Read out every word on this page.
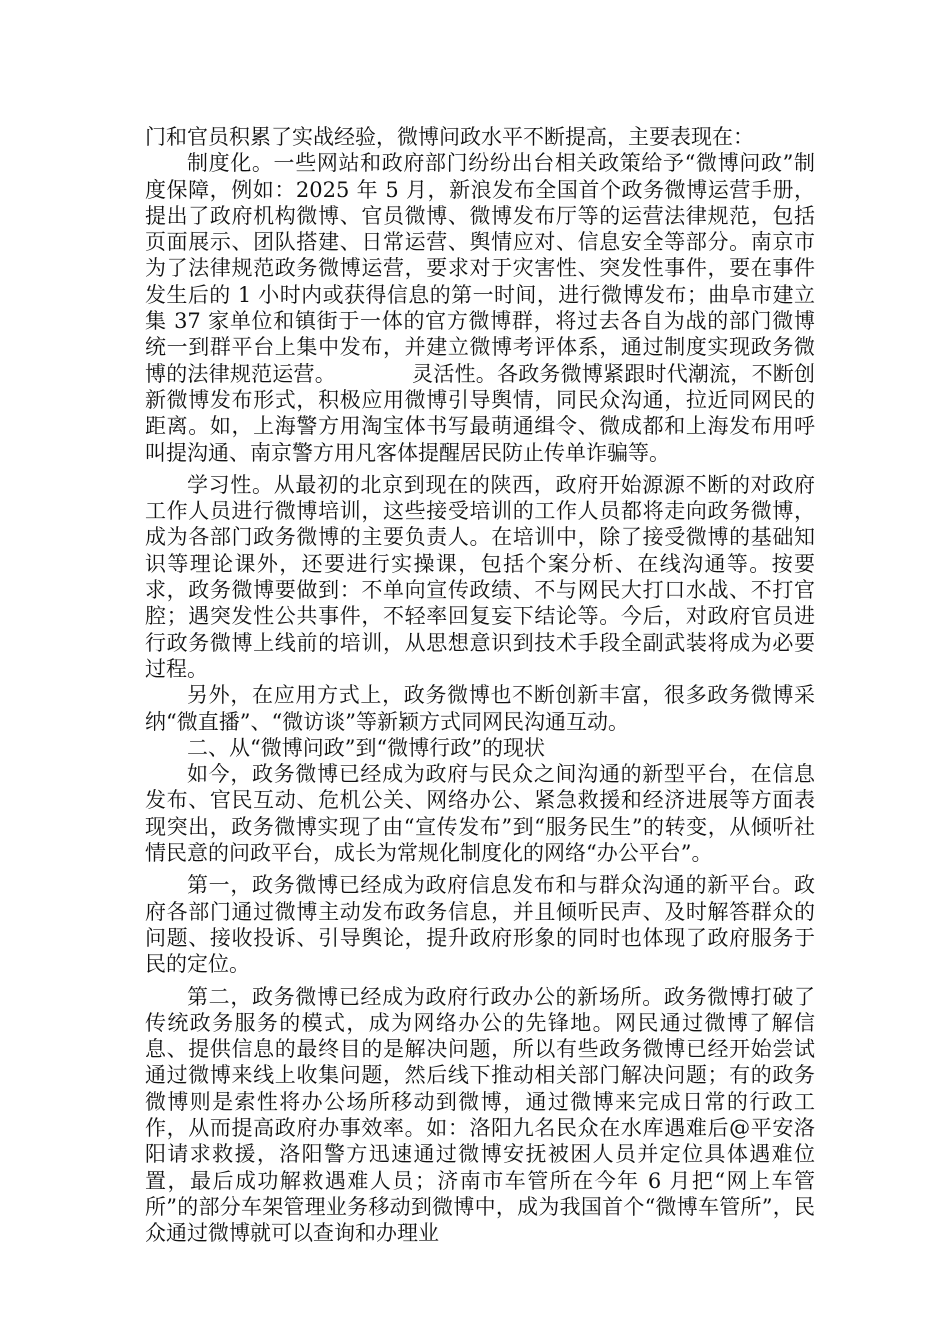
门和官员积累了实战经验，微博问政水平不断提高，主要表现在：

制度化。一些网站和政府部门纷纷出台相关政策给予“微博问政”制度保障，例如：2025 年 5 月，新浪发布全国首个政务微博运营手册，提出了政府机构微博、官员微博、微博发布厅等的运营法律规范，包括页面展示、团队搭建、日常运营、舆情应对、信息安全等部分。南京市为了法律规范政务微博运营，要求对于灾害性、突发性事件，要在事件发生后的 1 小时内或获得信息的第一时间，进行微博发布；曲阜市建立集 37 家单位和镇街于一体的官方微博群，将过去各自为战的部门微博统一到群平台上集中发布，并建立微博考评体系，通过制度实现政务微博的法律规范运营。	灵活性。各政务微博紧跟时代潮流，不断创新微博发布形式，积极应用微博引导舆情，同民众沟通，拉近同网民的距离。如，上海警方用淘宝体书写最萌通缉令、微成都和上海发布用呼叫提沟通、南京警方用凡客体提醒居民防止传单诈骗等。

学习性。从最初的北京到现在的陕西，政府开始源源不断的对政府工作人员进行微博培训，这些接受培训的工作人员都将走向政务微博，成为各部门政务微博的主要负责人。在培训中，除了接受微博的基础知识等理论课外，还要进行实操课，包括个案分析、在线沟通等。按要求，政务微博要做到：不单向宣传政绩、不与网民大打口水战、不打官腔；遇突发性公共事件，不轻率回复妄下结论等。今后，对政府官员进行政务微博上线前的培训，从思想意识到技术手段全副武装将成为必要过程。

另外，在应用方式上，政务微博也不断创新丰富，很多政务微博采纳“微直播”、“微访谈”等新颖方式同网民沟通互动。

二、从“微博问政”到“微博行政”的现状

如今，政务微博已经成为政府与民众之间沟通的新型平台，在信息发布、官民互动、危机公关、网络办公、紧急救援和经济进展等方面表现突出，政务微博实现了由“宣传发布”到“服务民生”的转变，从倾听社情民意的问政平台，成长为常规化制度化的网络“办公平台”。

第一，政务微博已经成为政府信息发布和与群众沟通的新平台。政府各部门通过微博主动发布政务信息，并且倾听民声、及时解答群众的问题、接收投诉、引导舆论，提升政府形象的同时也体现了政府服务于民的定位。

第二，政务微博已经成为政府行政办公的新场所。政务微博打破了传统政务服务的模式，成为网络办公的先锋地。网民通过微博了解信息、提供信息的最终目的是解决问题，所以有些政务微博已经开始尝试通过微博来线上收集问题，然后线下推动相关部门解决问题；有的政务微博则是索性将办公场所移动到微博，通过微博来完成日常的行政工作，从而提高政府办事效率。如：洛阳九名民众在水库遇难后@平安洛阳请求救援，洛阳警方迅速通过微博安抚被困人员并定位具体遇难位置，最后成功解救遇难人员；济南市车管所在今年 6 月把“网上车管所”的部分车架管理业务移动到微博中，成为我国首个“微博车管所”，民众通过微博就可以查询和办理业
